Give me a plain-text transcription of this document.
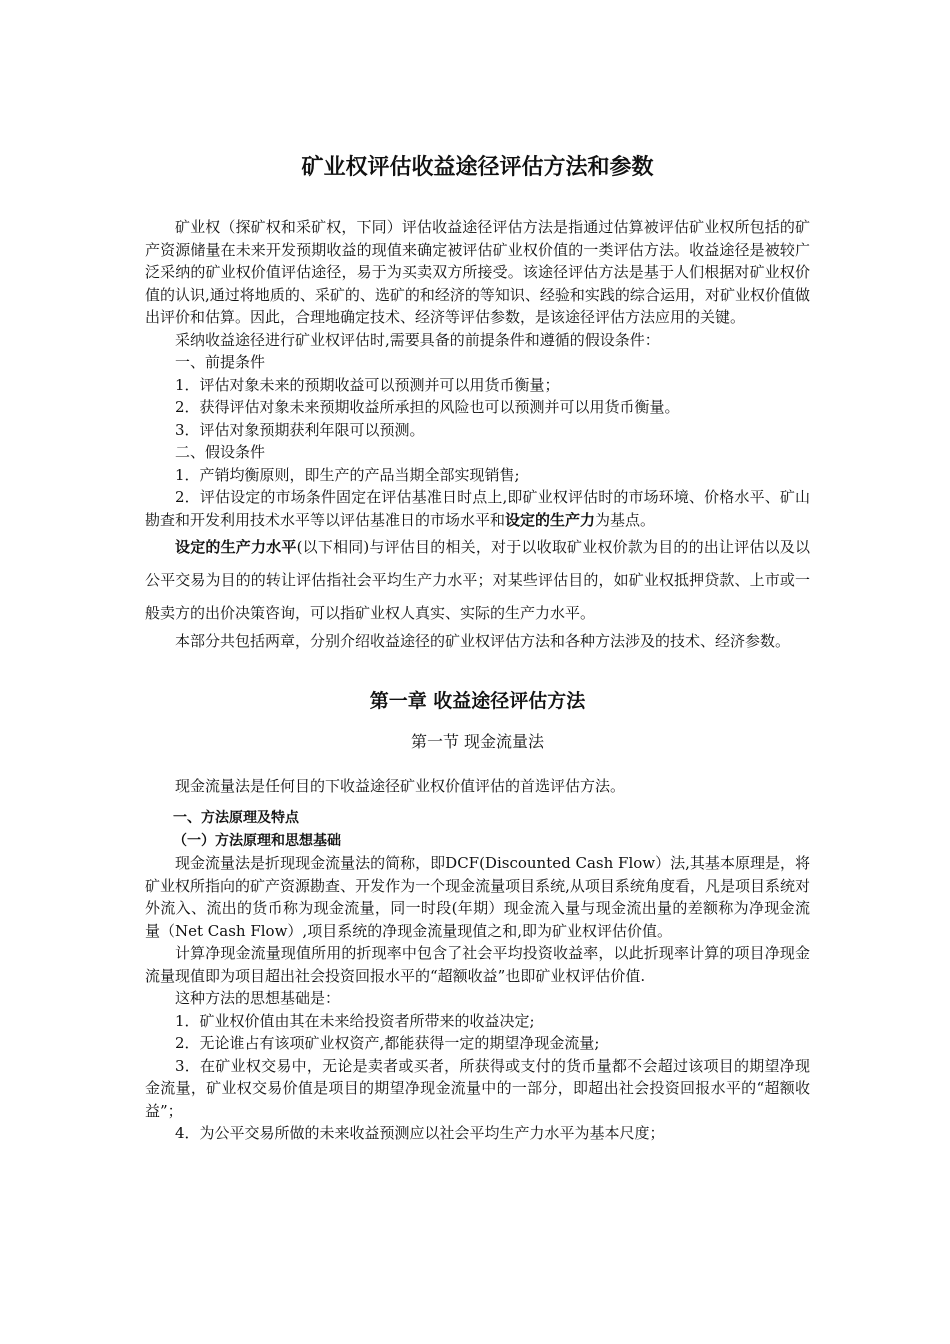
矿业权评估收益途径评估方法和参数

矿业权（探矿权和采矿权，下同）评估收益途径评估方法是指通过估算被评估矿业权所包括的矿产资源储量在未来开发预期收益的现值来确定被评估矿业权价值的一类评估方法。收益途径是被较广泛采纳的矿业权价值评估途径，易于为买卖双方所接受。该途径评估方法是基于人们根据对矿业权价值的认识,通过将地质的、采矿的、选矿的和经济的等知识、经验和实践的综合运用，对矿业权价值做出评价和估算。因此，合理地确定技术、经济等评估参数，是该途径评估方法应用的关键。

采纳收益途径进行矿业权评估时,需要具备的前提条件和遵循的假设条件：

一、前提条件

1．评估对象未来的预期收益可以预测并可以用货币衡量；

2．获得评估对象未来预期收益所承担的风险也可以预测并可以用货币衡量。

3．评估对象预期获利年限可以预测。

二、假设条件

1．产销均衡原则，即生产的产品当期全部实现销售;

2．评估设定的市场条件固定在评估基准日时点上,即矿业权评估时的市场环境、价格水平、矿山勘查和开发利用技术水平等以评估基准日的市场水平和设定的生产力为基点。

设定的生产力水平(以下相同)与评估目的相关，对于以收取矿业权价款为目的的出让评估以及以公平交易为目的的转让评估指社会平均生产力水平；对某些评估目的，如矿业权抵押贷款、上市或一般卖方的出价决策咨询，可以指矿业权人真实、实际的生产力水平。

本部分共包括两章，分别介绍收益途径的矿业权评估方法和各种方法涉及的技术、经济参数。

第一章 收益途径评估方法
第一节 现金流量法

现金流量法是任何目的下收益途径矿业权价值评估的首选评估方法。

一、方法原理及特点

（一）方法原理和思想基础

现金流量法是折现现金流量法的简称，即DCF(Discounted Cash Flow）法,其基本原理是，将矿业权所指向的矿产资源勘查、开发作为一个现金流量项目系统,从项目系统角度看，凡是项目系统对外流入、流出的货币称为现金流量，同一时段(年期）现金流入量与现金流出量的差额称为净现金流量（Net Cash Flow）,项目系统的净现金流量现值之和,即为矿业权评估价值。

计算净现金流量现值所用的折现率中包含了社会平均投资收益率，以此折现率计算的项目净现金流量现值即为项目超出社会投资回报水平的“超额收益”也即矿业权评估价值.

这种方法的思想基础是：

1．矿业权价值由其在未来给投资者所带来的收益决定;

2．无论谁占有该项矿业权资产,都能获得一定的期望净现金流量;

3．在矿业权交易中，无论是卖者或买者，所获得或支付的货币量都不会超过该项目的期望净现金流量，矿业权交易价值是项目的期望净现金流量中的一部分，即超出社会投资回报水平的“超额收益”；

4．为公平交易所做的未来收益预测应以社会平均生产力水平为基本尺度；
